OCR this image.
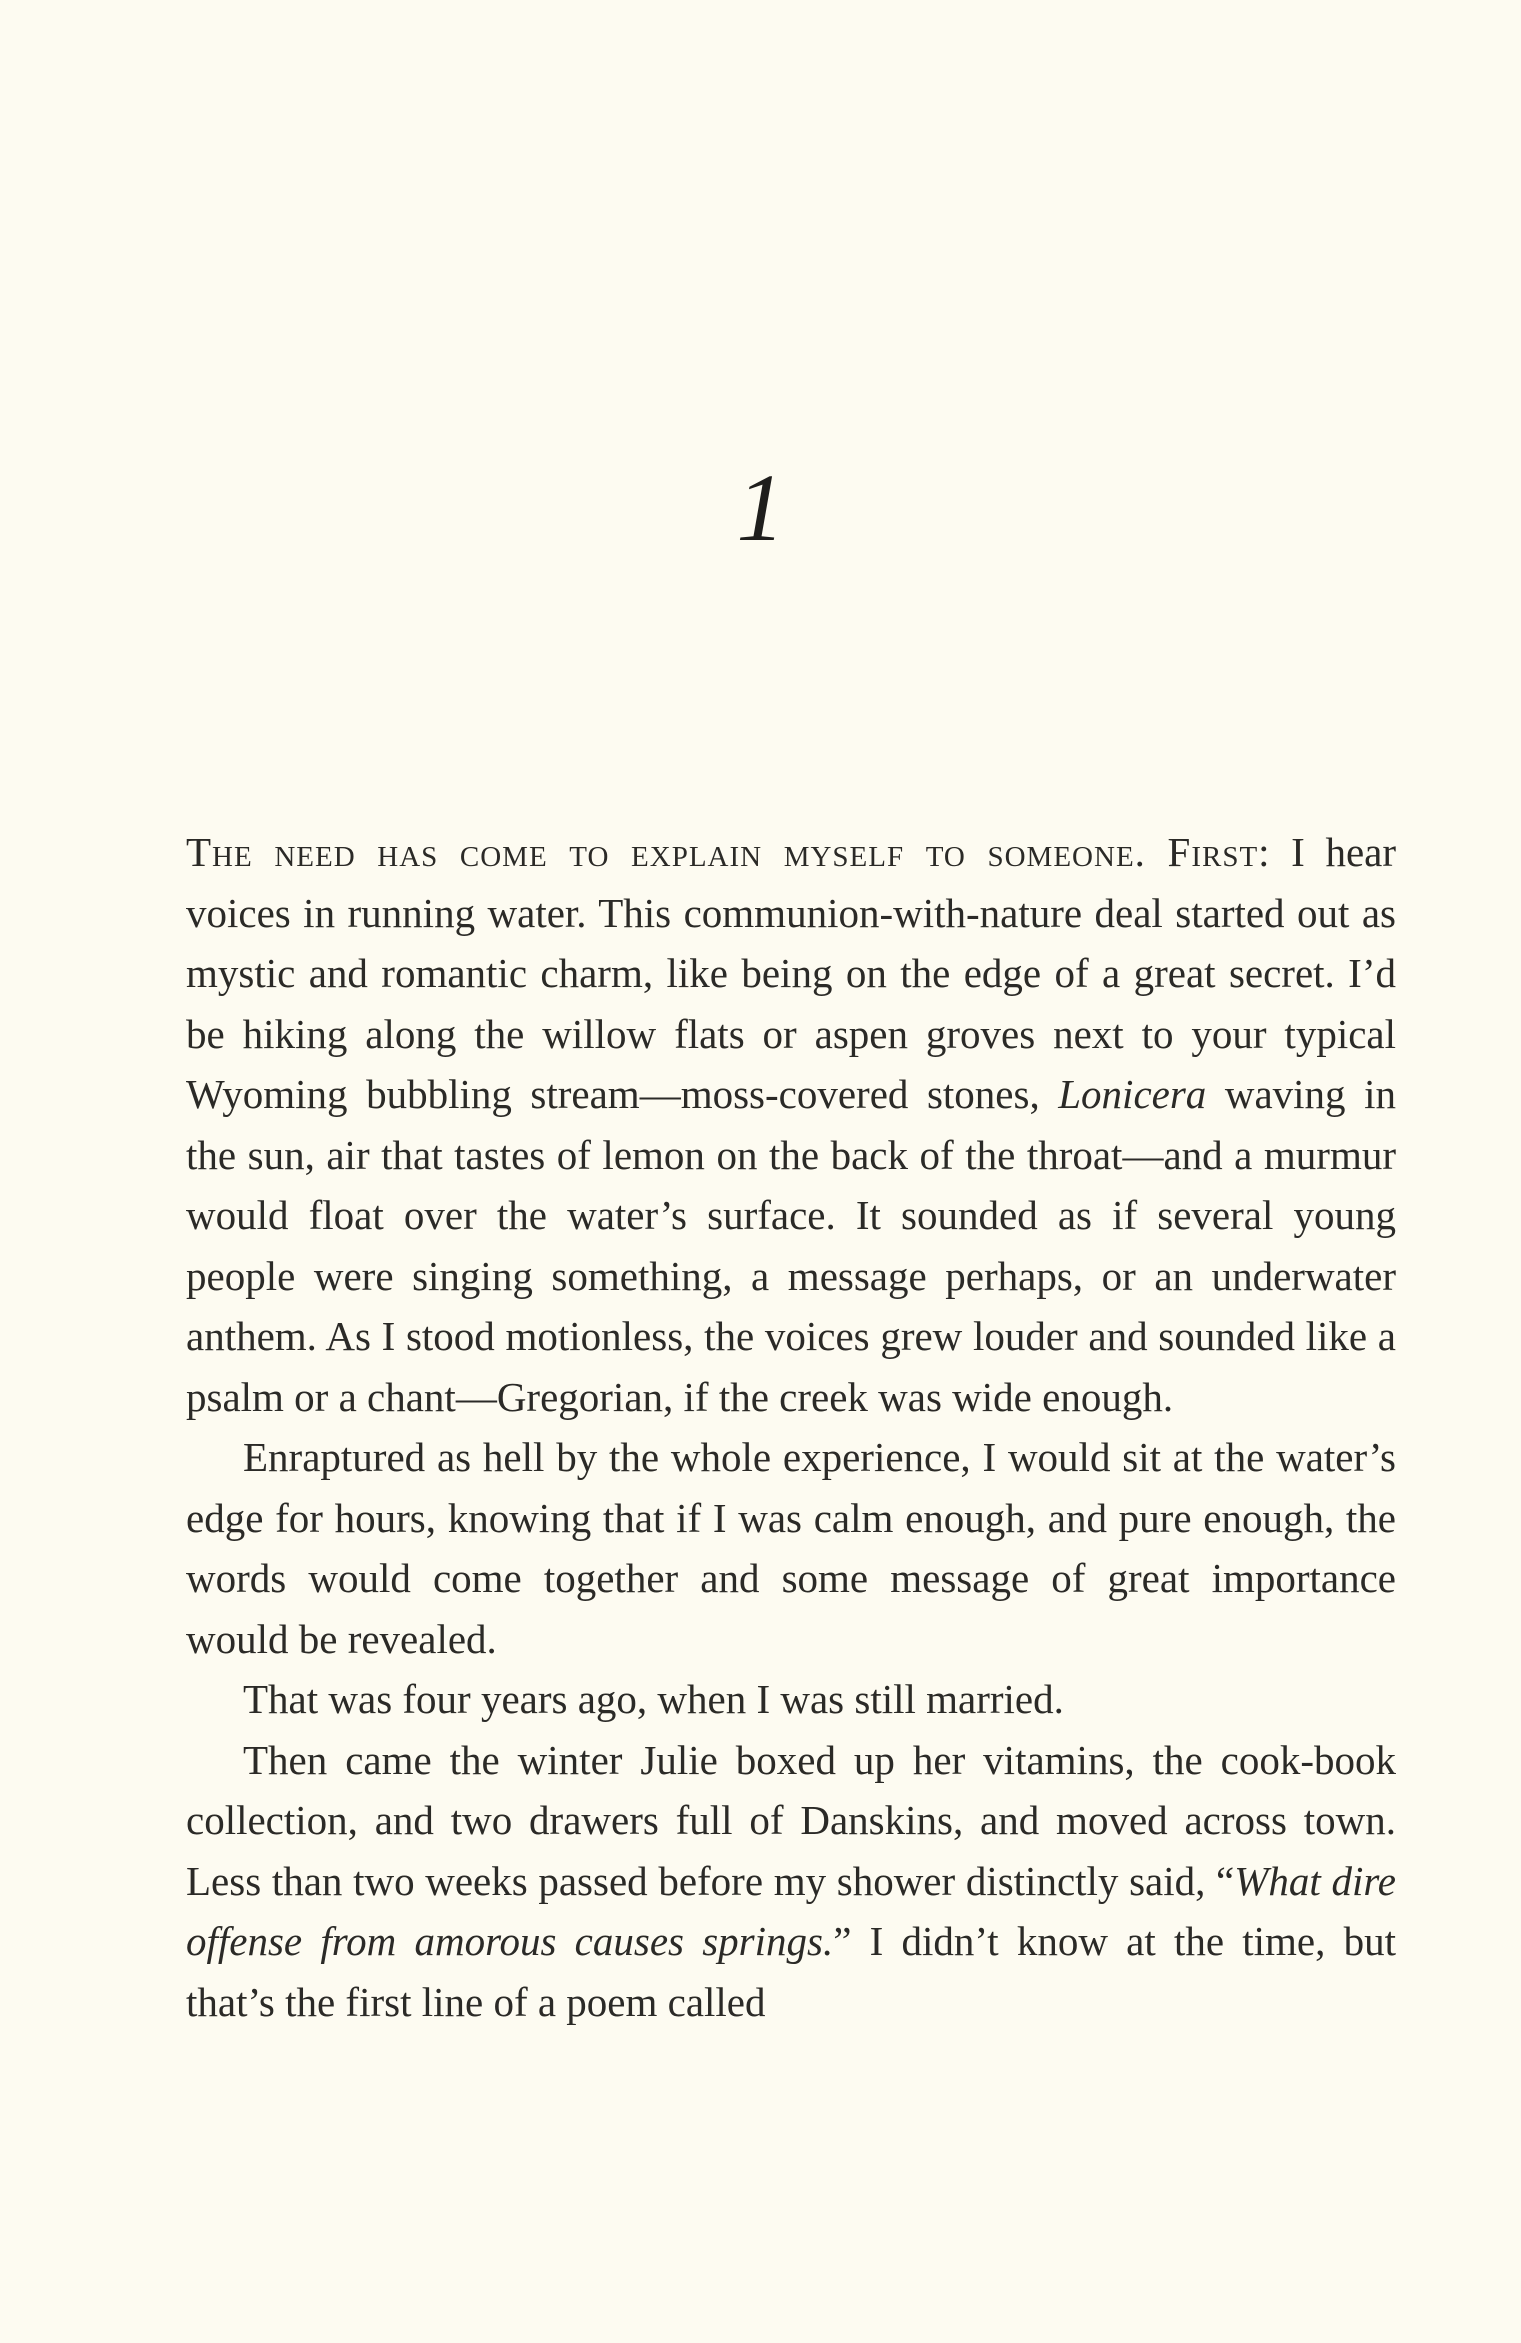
1

The need has come to explain myself to someone. First: I hear voices in running water. This communion-with-nature deal started out as mystic and romantic charm, like being on the edge of a great secret. I’d be hiking along the willow flats or aspen groves next to your typical Wyoming bubbling stream—moss-covered stones, Lonicera waving in the sun, air that tastes of lemon on the back of the throat—and a murmur would float over the water’s surface. It sounded as if several young people were singing something, a message perhaps, or an underwater anthem. As I stood motionless, the voices grew louder and sounded like a psalm or a chant—Gregorian, if the creek was wide enough.

Enraptured as hell by the whole experience, I would sit at the water’s edge for hours, knowing that if I was calm enough, and pure enough, the words would come together and some message of great importance would be revealed.

That was four years ago, when I was still married.

Then came the winter Julie boxed up her vitamins, the cook-book collection, and two drawers full of Danskins, and moved across town. Less than two weeks passed before my shower distinctly said, “What dire offense from amorous causes springs.” I didn’t know at the time, but that’s the first line of a poem called
